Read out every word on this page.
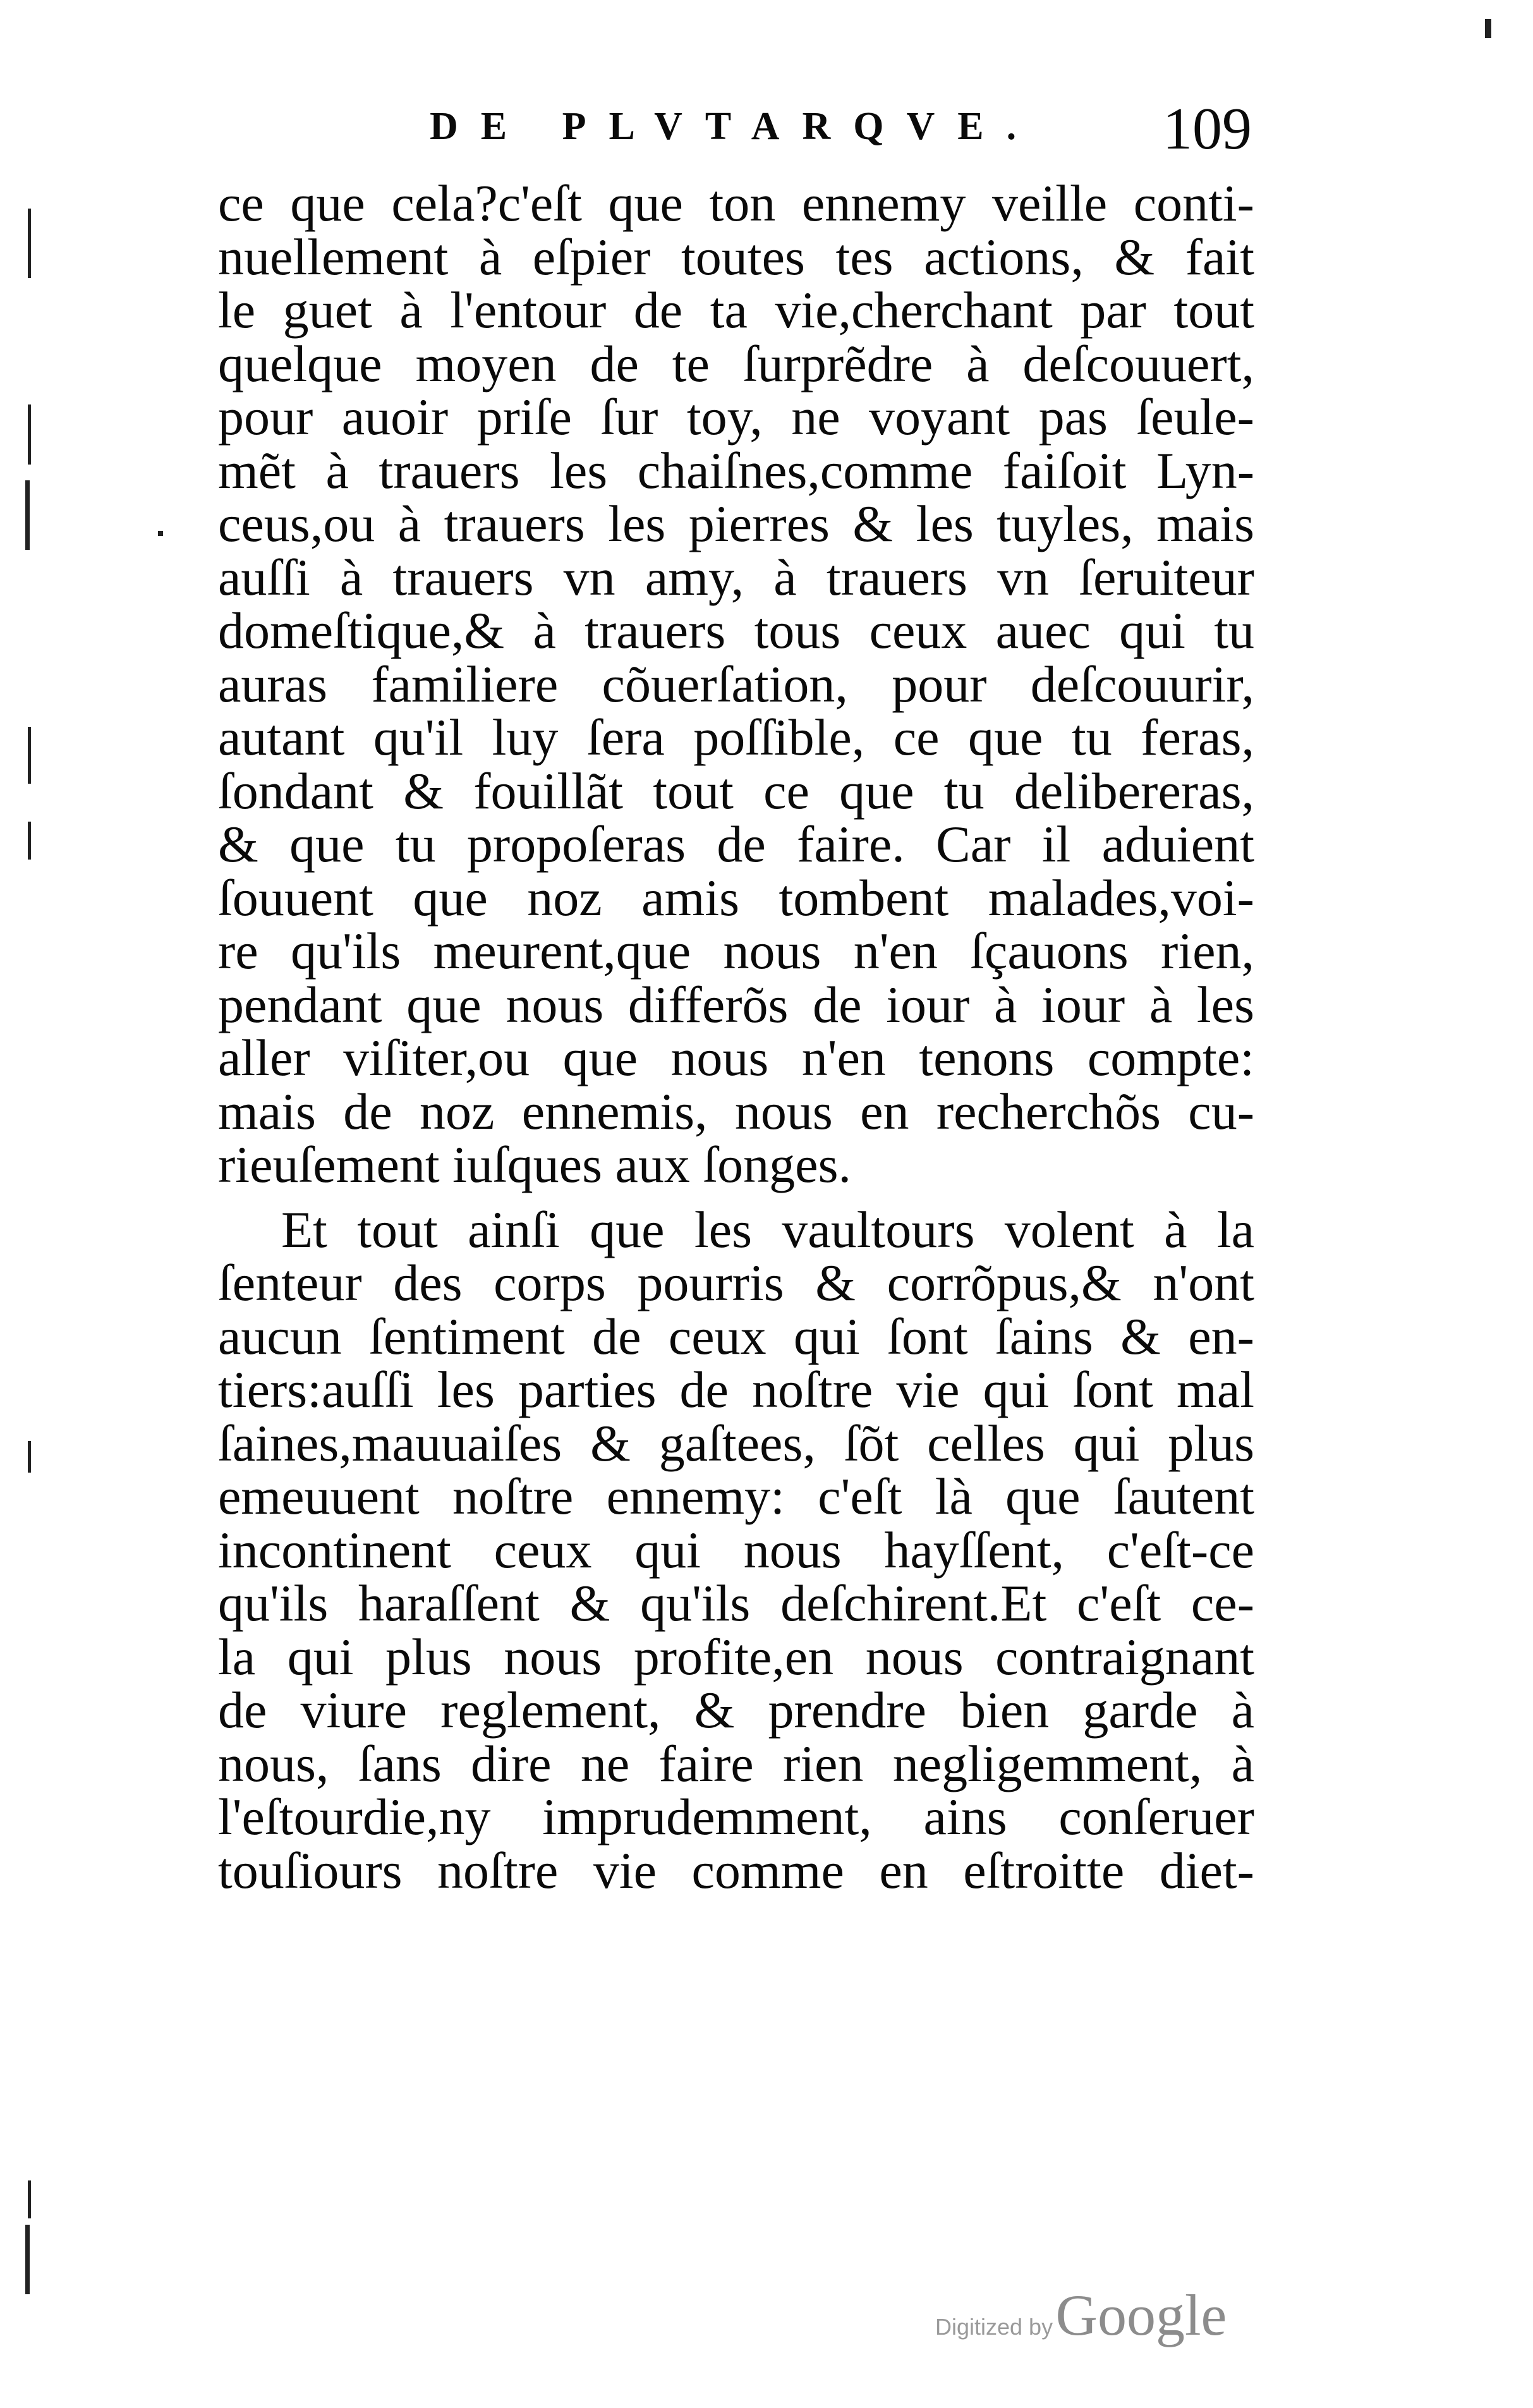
DE PLVTARQVE. 109
ce que cela?c'eſt que ton ennemy veille conti-
nuellement à eſpier toutes tes actions, & fait
le guet à l'entour de ta vie,cherchant par tout
quelque moyen de te ſurprẽdre à deſcouuert,
pour auoir priſe ſur toy, ne voyant pas ſeule-
mẽt à trauers les chaiſnes,comme faiſoit Lyn-
ceus,ou à trauers les pierres & les tuyles, mais
auſſi à trauers vn amy, à trauers vn ſeruiteur
domeſtique,& à trauers tous ceux auec qui tu
auras familiere cõuerſation, pour deſcouurir,
autant qu'il luy ſera poſſible, ce que tu feras,
ſondant & fouillãt tout ce que tu delibereras,
& que tu propoſeras de faire. Car il aduient
ſouuent que noz amis tombent malades,voi-
re qu'ils meurent,que nous n'en ſçauons rien,
pendant que nous differõs de iour à iour à les
aller viſiter,ou que nous n'en tenons compte:
mais de noz ennemis, nous en recherchõs cu-
rieuſement iuſques aux ſonges.
Et tout ainſi que les vaultours volent à la
ſenteur des corps pourris & corrõpus,& n'ont
aucun ſentiment de ceux qui ſont ſains & en-
tiers:auſſi les parties de noſtre vie qui ſont mal
ſaines,mauuaiſes & gaſtees, ſõt celles qui plus
emeuuent noſtre ennemy: c'eſt là que ſautent
incontinent ceux qui nous hayſſent, c'eſt-ce
qu'ils haraſſent & qu'ils deſchirent.Et c'eſt ce-
la qui plus nous profite,en nous contraignant
de viure reglement, & prendre bien garde à
nous, ſans dire ne faire rien negligemment, à
l'eſtourdie,ny imprudemment, ains conſeruer
touſiours noſtre vie comme en eſtroitte diet-
Digitized by Google
